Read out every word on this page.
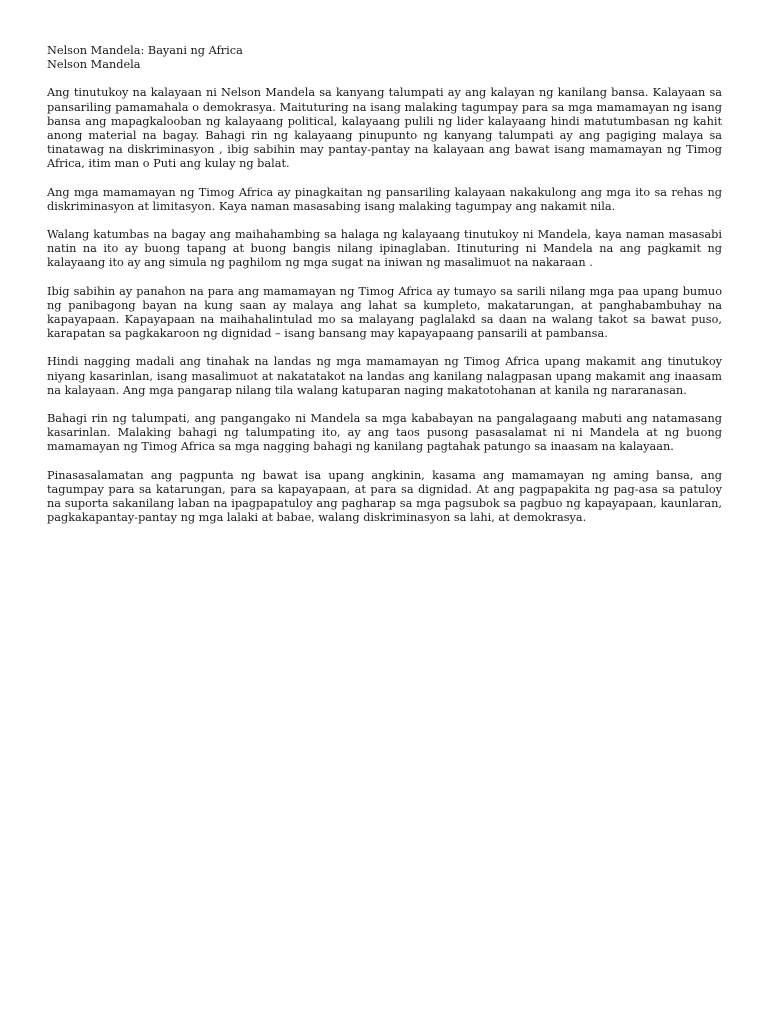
Nelson Mandela: Bayani ng Africa
Nelson Mandela

Ang tinutukoy na kalayaan ni Nelson Mandela sa kanyang talumpati ay ang kalayan ng kanilang bansa. Kalayaan sa pansariling pamamahala o demokrasya. Maituturing na isang malaking tagumpay para sa mga mamamayan ng isang bansa ang mapagkalooban ng kalayaang political, kalayaang pulili ng lider kalayaang hindi matutumbasan ng kahit anong material na bagay. Bahagi rin ng kalayaang pinupunto ng kanyang talumpati ay ang pagiging malaya sa tinatawag na diskriminasyon , ibig sabihin may pantay-pantay na kalayaan ang bawat isang mamamayan ng Timog Africa, itim man o Puti ang kulay ng balat.

Ang mga mamamayan ng Timog Africa ay pinagkaitan ng pansariling kalayaan nakakulong ang mga ito sa rehas ng diskriminasyon at limitasyon. Kaya naman masasabing isang malaking tagumpay ang nakamit nila.

Walang katumbas na bagay ang maihahambing sa halaga ng kalayaang tinutukoy ni Mandela, kaya naman masasabi natin na ito ay buong tapang at buong bangis nilang ipinaglaban. Itinuturing ni Mandela na ang pagkamit ng kalayaang ito ay ang simula ng paghilom ng mga sugat na iniwan ng masalimuot na nakaraan .

Ibig sabihin ay panahon na para ang mamamayan ng Timog Africa ay tumayo sa sarili nilang mga paa upang bumuo ng panibagong bayan na kung saan ay malaya ang lahat sa kumpleto, makatarungan, at panghabambuhay na kapayapaan. Kapayapaan na maihahalintulad mo sa malayang paglalakd sa daan na walang takot sa bawat puso, karapatan sa pagkakaroon ng dignidad – isang bansang may kapayapaang pansarili at pambansa.

Hindi nagging madali ang tinahak na landas ng mga mamamayan ng Timog Africa upang makamit ang tinutukoy niyang kasarinlan, isang masalimuot at nakatatakot na landas ang kanilang nalagpasan upang makamit ang inaasam na kalayaan. Ang mga pangarap nilang tila walang katuparan naging makatotohanan at kanila ng nararanasan.

Bahagi rin ng talumpati, ang pangangako ni Mandela sa mga kababayan na pangalagaang mabuti ang natamasang kasarinlan. Malaking bahagi ng talumpating ito, ay ang taos pusong pasasalamat ni ni Mandela at ng buong mamamayan ng Timog Africa sa mga nagging bahagi ng kanilang pagtahak patungo sa inaasam na kalayaan.

Pinasasalamatan ang pagpunta ng bawat isa upang angkinin, kasama ang mamamayan ng aming bansa, ang tagumpay para sa katarungan, para sa kapayapaan, at para sa dignidad. At ang pagpapakita ng pag-asa sa patuloy na suporta sakanilang laban na ipagpapatuloy ang pagharap sa mga pagsubok sa pagbuo ng kapayapaan, kaunlaran, pagkakapantay-pantay ng mga lalaki at babae, walang diskriminasyon sa lahi, at demokrasya.
